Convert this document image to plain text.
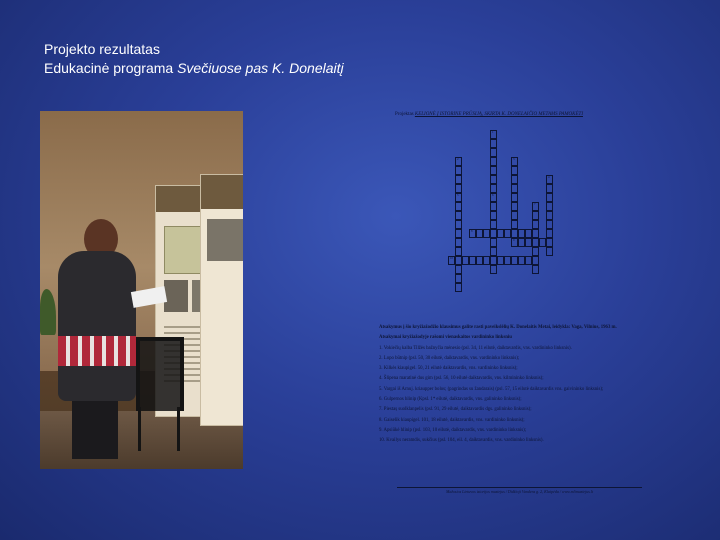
Projekto rezultatas
Edukacinė programa Svečiuose pas K. Donelaitį
Projektas KELIONĖ Į ISTORINE PRŪSIJĄ, SKIRTA K. DONELAIČIO METAMS PAMOKĖTI
1
2	3
4
5	6
7
8
9
10

Atsakymus į šio kryžiažodžio klausimus galite rasti paveikslėlių K. Donelaitis Metai, leidykla: Vaga, Vilnius, 1963 m.

Atsakymai kryžiažodyje rašomi vienaskaitos vardininko linksniu

1. Vokiečių kalba Tilžės bažnyčia mėnesio (psl. 34, 11 eilutė, daiktavardis, vns. vardininko linksnis).

2. Lopo būtnip (psl. 50, 30 eilutė, daiktavardis, vns. vardininko linksnis);

3. Kilkės kiaupigel. 50, 21 eilutė daiktavardis, vns. vardininko linksnis);

4. Šlipena maratinė dus gim (psl. 56, 10 eilutė daiktavardis, vns. kilmininko linksnis);

5. Vargai iš Arnuj. kriaupper bolos; (pagrindas su žandarais) (psl. 57, 15 eilutė daiktavardis vns. gaivininko linksnis);

6. Gulpernos hlinip (Kpsl. 1* eilutė, daiktavardis, vns. galininko linksnis);

7. Piestaș suolklanpelis (psl. 91, 29 eilutė, daiktavardis dgs. galininko linksnis);

8. Gaiselik kiaupigel. 101, 18 eilutė, daiktavardis, vns. vardininko linksnis);

9. Apsiūkė hlinip (psl. 103, 10 eilutė, daiktavardis, vns. vardininko linksnis);

10. Kvailys neramdis, sukčius (psl. 104, eil. 4, daiktavardis, vns. vardininko linksnis).

Mažosios Lietuvos istorijos muziejus / Didžioji Vandens g. 2, Klaipėda / www.mlimuziejus.lt
